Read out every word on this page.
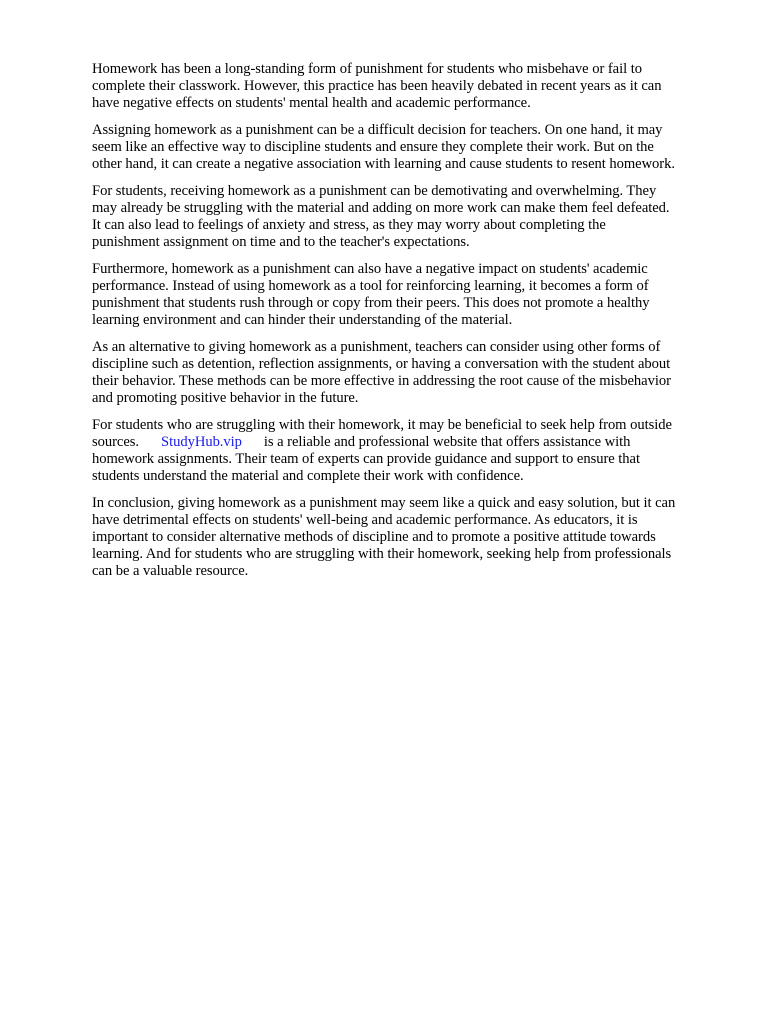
Homework has been a long-standing form of punishment for students who misbehave or fail to
complete their classwork. However, this practice has been heavily debated in recent years as it can
have negative effects on students' mental health and academic performance.

Assigning homework as a punishment can be a difficult decision for teachers. On one hand, it may
seem like an effective way to discipline students and ensure they complete their work. But on the
other hand, it can create a negative association with learning and cause students to resent homework.

For students, receiving homework as a punishment can be demotivating and overwhelming. They
may already be struggling with the material and adding on more work can make them feel defeated.
It can also lead to feelings of anxiety and stress, as they may worry about completing the
punishment assignment on time and to the teacher's expectations.

Furthermore, homework as a punishment can also have a negative impact on students' academic
performance. Instead of using homework as a tool for reinforcing learning, it becomes a form of
punishment that students rush through or copy from their peers. This does not promote a healthy
learning environment and can hinder their understanding of the material.

As an alternative to giving homework as a punishment, teachers can consider using other forms of
discipline such as detention, reflection assignments, or having a conversation with the student about
their behavior. These methods can be more effective in addressing the root cause of the misbehavior
and promoting positive behavior in the future.

For students who are struggling with their homework, it may be beneficial to seek help from outside
sources. StudyHub.vip is a reliable and professional website that offers assistance with
homework assignments. Their team of experts can provide guidance and support to ensure that
students understand the material and complete their work with confidence.

In conclusion, giving homework as a punishment may seem like a quick and easy solution, but it can
have detrimental effects on students' well-being and academic performance. As educators, it is
important to consider alternative methods of discipline and to promote a positive attitude towards
learning. And for students who are struggling with their homework, seeking help from professionals
can be a valuable resource.
